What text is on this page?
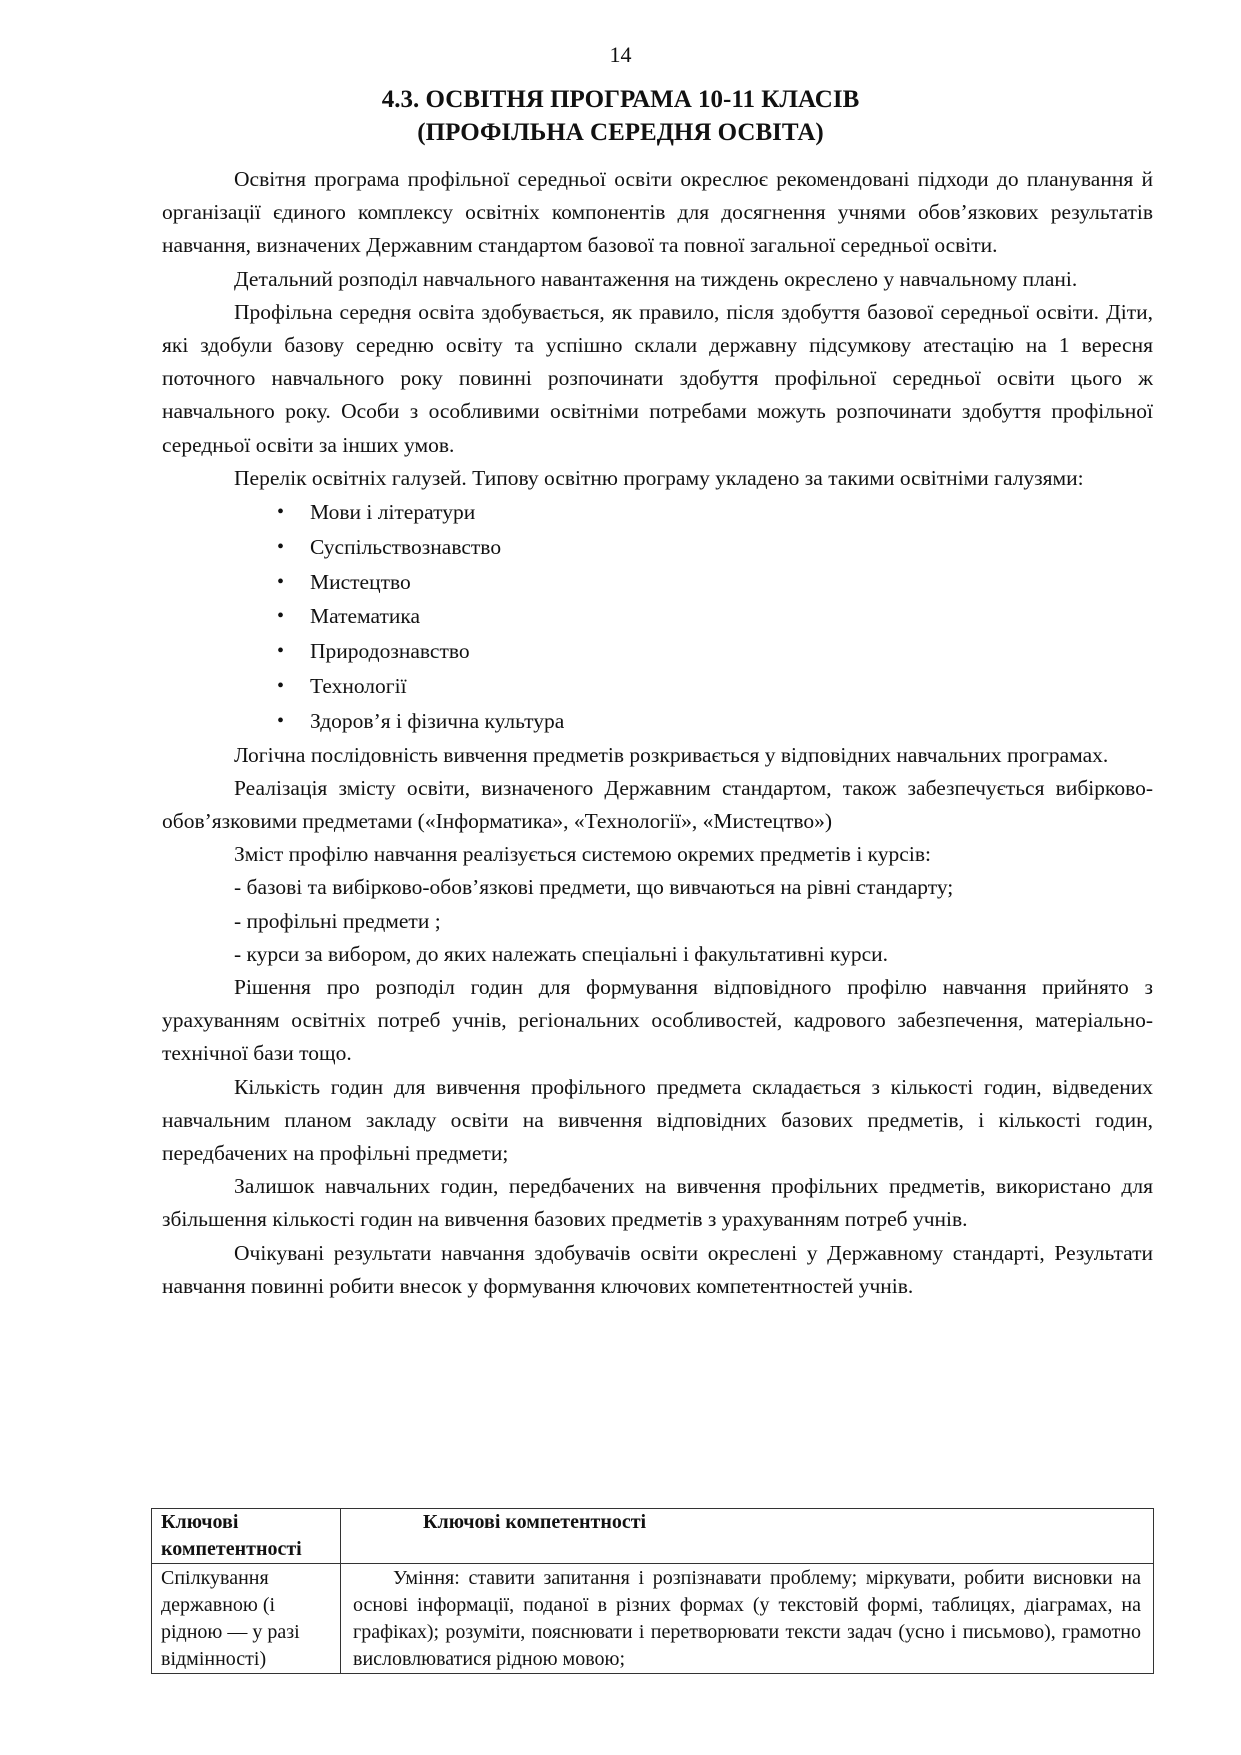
14
4.3. ОСВІТНЯ ПРОГРАМА 10-11 КЛАСІВ
(ПРОФІЛЬНА СЕРЕДНЯ ОСВІТА)

Освітня програма профільної середньої освіти окреслює рекомендовані підходи до планування й організації єдиного комплексу освітніх компонентів для досягнення учнями обов’язкових результатів навчання, визначених Державним стандартом базової та повної загальної середньої освіти.

Детальний розподіл навчального навантаження на тиждень окреслено у навчальному плані.

Профільна середня освіта здобувається, як правило, після здобуття базової середньої освіти. Діти, які здобули базову середню освіту та успішно склали державну підсумкову атестацію на 1 вересня поточного навчального року повинні розпочинати здобуття профільної середньої освіти цього ж навчального року. Особи з особливими освітніми потребами можуть розпочинати здобуття профільної середньої освіти за інших умов.

Перелік освітніх галузей. Типову освітню програму укладено за такими освітніми галузями:

• Мови і літератури
• Суспільствознавство
• Мистецтво
• Математика
• Природознавство
• Технології
• Здоров’я і фізична культура

Логічна послідовність вивчення предметів розкривається у відповідних навчальних програмах.

Реалізація змісту освіти, визначеного Державним стандартом, також забезпечується вибірково-обов’язковими предметами («Інформатика», «Технології», «Мистецтво»)

Зміст профілю навчання реалізується системою окремих предметів і курсів:

- базові та вибірково-обов’язкові предмети, що вивчаються на рівні стандарту;

- профільні предмети ;

- курси за вибором, до яких належать спеціальні і факультативні курси.

Рішення про розподіл годин для формування відповідного профілю навчання прийнято з урахуванням освітніх потреб учнів, регіональних особливостей, кадрового забезпечення, матеріально-технічної бази тощо.

Кількість годин для вивчення профільного предмета складається з кількості годин, відведених навчальним планом закладу освіти на вивчення відповідних базових предметів, і кількості годин, передбачених на профільні предмети;

Залишок навчальних годин, передбачених на вивчення профільних предметів, використано для збільшення кількості годин на вивчення базових предметів з урахуванням потреб учнів.

Очікувані результати навчання здобувачів освіти окреслені у Державному стандарті, Результати навчання повинні робити внесок у формування ключових компетентностей учнів.

Ключові компетентності	Ключові компетентності
Спілкування державною (і рідною — у разі відмінності)	Уміння: ставити запитання і розпізнавати проблему; міркувати, робити висновки на основі інформації, поданої в різних формах (у текстовій формі, таблицях, діаграмах, на графіках); розуміти, пояснювати і перетворювати тексти задач (усно і письмово), грамотно висловлюватися рідною мовою;
